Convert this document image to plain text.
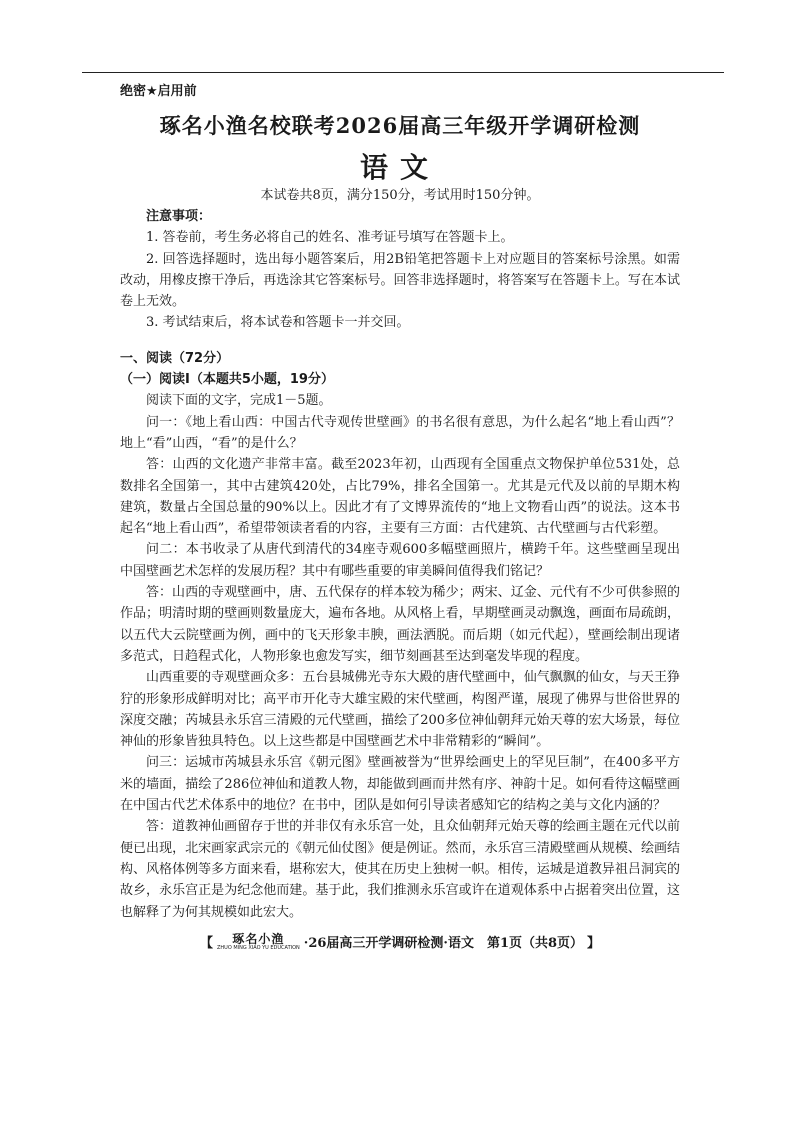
绝密★启用前
琢名小渔名校联考2026届高三年级开学调研检测
语文
本试卷共8页，满分150分，考试用时150分钟。

注意事项：

1. 答卷前，考生务必将自己的姓名、准考证号填写在答题卡上。

2. 回答选择题时，选出每小题答案后，用2B铅笔把答题卡上对应题目的答案标号涂黑。如需改动，用橡皮擦干净后，再选涂其它答案标号。回答非选择题时，将答案写在答题卡上。写在本试卷上无效。

3. 考试结束后，将本试卷和答题卡一并交回。

一、阅读（72分）

（一）阅读Ⅰ（本题共5小题，19分）

阅读下面的文字，完成1－5题。

问一：《地上看山西：中国古代寺观传世壁画》的书名很有意思，为什么起名“地上看山西”？地上“看”山西，“看”的是什么？

答：山西的文化遗产非常丰富。截至2023年初，山西现有全国重点文物保护单位531处，总数排名全国第一，其中古建筑420处，占比79%，排名全国第一。尤其是元代及以前的早期木构建筑，数量占全国总量的90%以上。因此才有了文博界流传的“地上文物看山西”的说法。这本书起名“地上看山西”，希望带领读者看的内容，主要有三方面：古代建筑、古代壁画与古代彩塑。

问二：本书收录了从唐代到清代的34座寺观600多幅壁画照片，横跨千年。这些壁画呈现出中国壁画艺术怎样的发展历程？其中有哪些重要的审美瞬间值得我们铭记？

答：山西的寺观壁画中，唐、五代保存的样本较为稀少；两宋、辽金、元代有不少可供参照的作品；明清时期的壁画则数量庞大，遍布各地。从风格上看，早期壁画灵动飘逸，画面布局疏朗，以五代大云院壁画为例，画中的飞天形象丰腴，画法洒脱。而后期（如元代起），壁画绘制出现诸多范式，日趋程式化，人物形象也愈发写实，细节刻画甚至达到毫发毕现的程度。

山西重要的寺观壁画众多：五台县城佛光寺东大殿的唐代壁画中，仙气飘飘的仙女，与天王狰狞的形象形成鲜明对比；高平市开化寺大雄宝殿的宋代壁画，构图严谨，展现了佛界与世俗世界的深度交融；芮城县永乐宫三清殿的元代壁画，描绘了200多位神仙朝拜元始天尊的宏大场景，每位神仙的形象皆独具特色。以上这些都是中国壁画艺术中非常精彩的“瞬间”。

问三：运城市芮城县永乐宫《朝元图》壁画被誉为“世界绘画史上的罕见巨制”，在400多平方米的墙面，描绘了286位神仙和道教人物，却能做到画而井然有序、神韵十足。如何看待这幅壁画在中国古代艺术体系中的地位？在书中，团队是如何引导读者感知它的结构之美与文化内涵的？

答：道教神仙画留存于世的并非仅有永乐宫一处，且众仙朝拜元始天尊的绘画主题在元代以前便已出现，北宋画家武宗元的《朝元仙仗图》便是例证。然而，永乐宫三清殿壁画从规模、绘画结构、风格体例等多方面来看，堪称宏大，使其在历史上独树一帜。相传，运城是道教异祖吕洞宾的故乡，永乐宫正是为纪念他而建。基于此，我们推测永乐宫或许在道观体系中占据着突出位置，这也解释了为何其规模如此宏大。

【 琢名小渔
ZHUO MING XIAO YU EDUCATION ·26届高三开学调研检测·语文　第1页（共8页） 】
